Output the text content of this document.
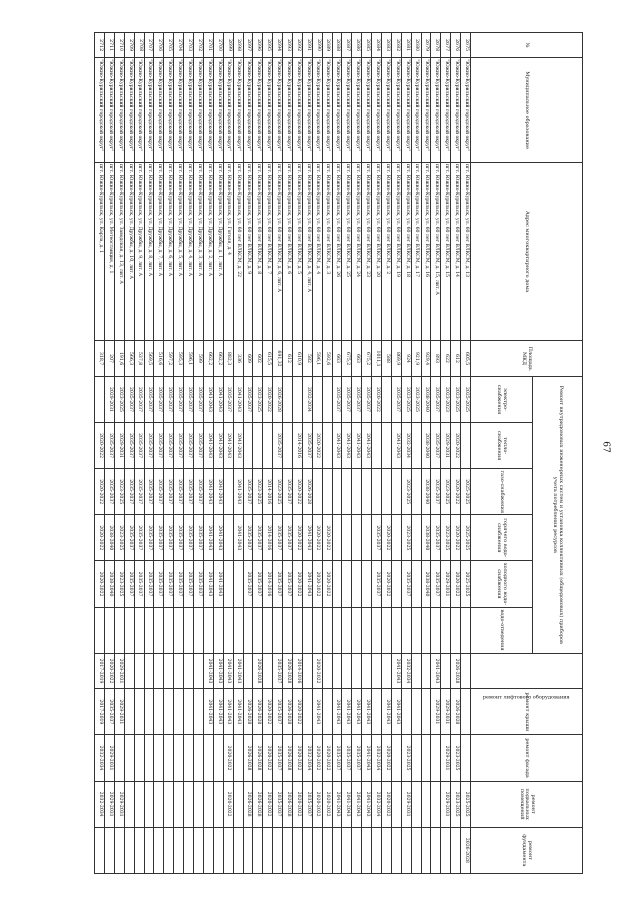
67
№	Муниципальное образование	Адрес многоквартирного дома	Площадь МКД	Ремонт внутридомовых инженерных систем и установка коллективных (общедомовых) приборов учета потребления ресурсов						ремонт лифтового оборудования	ремонт крыши	ремонт фасада	ремонт подвальных помещений	ремонт фундамента
				электро-снабжения	тепло-снабжения	газо-снабжения	горячего водо-снабжения	холодного водо-снабжения	водо-отведения					
2675	"Южно-Курильский городской округ"	пгт. Южно-Курильск, ул. 60 лет ВЛКСМ, д. 13	605,5	2025-2025		2025-2025	2025-2025	2025-2025					2025-2025	2026-2028
2676	"Южно-Курильский городской округ"	пгт. Южно-Курильск, ул. 60 лет ВЛКСМ, д. 14	612	2023-2025	2020-2022	2020-2022	2020-2022	2020-2022		2026-2028	2026-2028	2023-2025	2023-2025	
2677	"Южно-Курильский городской округ"	пгт. Южно-Курильск, ул. 60 лет ВЛКСМ, д. 15	622	2023-2023	2029-2031	2023-2025	2023-2025	2029-2031			2029-2031	2029-2031	2029-2031	
2678	"Южно-Курильский городской округ"	пгт. Южно-Курильск, ул. 60 лет ВЛКСМ, д. 15, лит. А	893	2035-2037	2035-2037	2035-2037	2035-2037	2035-2037		2041-2043	2029-2031			
2679	"Южно-Курильский городской округ"	пгт. Южно-Курильск, ул. 60 лет ВЛКСМ, д. 16	929,4	2038-2040	2038-2040	2038-2040	2038-2040	2038-2040						
2680	"Южно-Курильский городской округ"	пгт. Южно-Курильск, ул. 60 лет ВЛКСМ, д. 17	921,9	2023-2025										
2681	"Южно-Курильский городской округ"	пгт. Южно-Курильск, ул. 60 лет ВЛКСМ, д. 18	924	2023-2025	2032-2034	2023-2025	2023-2025	2035-2037		2032-2034		2023-2025	2029-2031	
2682	"Южно-Курильский городской округ"	пгт. Южно-Курильск, ул. 60 лет ВЛКСМ, д. 19	869,9	2035-2037	2041-2043					2041-2043	2041-2043			
2683	"Южно-Курильский городской округ"	пгт. Южно-Курильск, ул. 60 лет ВЛКСМ, д. 2	588				2020-2022	2020-2022			2041-2043	2020-2022	2020-2022	
2684	"Южно-Курильский городской округ"	пгт. Южно-Курильск, ул. 60 лет ВЛКСМ, д. 20	1011,1	2020-2022			2035-2037	2035-2037				2032-2034	2032-2034	
2685	"Южно-Курильский городской округ"	пгт. Южно-Курильск, ул. 60 лет ВЛКСМ, д. 23	675,2	2035-2037	2041-2043						2041-2043	2041-2043	2041-2043	
2686	"Южно-Курильский городской округ"	пгт. Южно-Курильск, ул. 60 лет ВЛКСМ, д. 24	663	2035-2037	2041-2043						2041-2043	2035-2037	2041-2043	
2687	"Южно-Курильский городской округ"	пгт. Южно-Курильск, ул. 60 лет ВЛКСМ, д. 25	675,2	2035-2037	2041-2043						2041-2043	2035-2037	2041-2043	
2688	"Южно-Курильский городской округ"	пгт. Южно-Курильск, ул. 60 лет ВЛКСМ, д. 26	663	2035-2037	2041-2043						2041-2043	2035-2037	2041-2043	
2689	"Южно-Курильский городской округ"	пгт. Южно-Курильск, ул. 60 лет ВЛКСМ, д. 3	592,6				2020-2022	2020-2022				2020-2022	2020-2022	
2690	"Южно-Курильский городской округ"	пгт. Южно-Курильск, ул. 60 лет ВЛКСМ, д. 4	596,1		2020-2022		2020-2022	2020-2022		2020-2022	2041-2043	2020-2022	2020-2022	
2691	"Южно-Курильский городской округ"	пгт. Южно-Курильск, ул. 60 лет ВЛКСМ, д. 4, лит. А	582	2032-2034	2035-2037	2026-2028	2041-2043	2041-2043				2032-2034	2035-2037	
2692	"Южно-Курильский городской округ"	пгт. Южно-Курильск, ул. 60 лет ВЛКСМ, д. 5	610,9		2014-2016	2020-2022	2020-2022	2020-2022		2014-2016	2020-2022	2020-2022	2020-2022	
2693	"Южно-Курильский городской округ"	пгт. Южно-Курильск, ул. 60 лет ВЛКСМ, д. 6	612			2035-2037	2035-2037	2035-2037		2026-2028	2026-2028	2026-2028	2026-2028	
2694	"Южно-Курильский городской округ"	пгт. Южно-Курильск, ул. 60 лет ВЛКСМ, д. 6, лит. А	691,32	2026-2028	2035-2037	2023-2025	2035-2037	2035-2037		2035-2037	2035-2037	2035-2037	2035-2037	
2695	"Южно-Курильский городской округ"	пгт. Южно-Курильск, ул. 60 лет ВЛКСМ, д. 7	615,5	2020-2022		2014-2016	2014-2016	2014-2016			2020-2022	2020-2022	2020-2022	
2696	"Южно-Курильский городской округ"	пгт. Южно-Курильск, ул. 60 лет ВЛКСМ, д. 8	602	2023-2025		2023-2025	2035-2037	2035-2037		2026-2028	2026-2028	2026-2028	2026-2028	
2697	"Южно-Курильский городской округ"	пгт. Южно-Курильск, ул. 60 лет ВЛКСМ, д. 9	609	2035-2037		2035-2037	2035-2037	2035-2037			2026-2028	2026-2028	2026-2028	
2698	"Южно-Курильский городской округ"	пгт. Южно-Курильск, ул. 60 лет ВЛКСМ, д. 22	336	2041-2043	2041-2043	2041-2043	2041-2043			2041-2043	2041-2043			
2699	"Южно-Курильский городской округ"	пгт. Южно-Курильск, ул. Гоголя, д. 4	882,3	2035-2037	2041-2043					2041-2043	2041-2043	2020-2022	2020-2022	
2700	"Южно-Курильский городской округ"	пгт. Южно-Курильск, ул. Дружбы, д. 1, лит. А	662,2	2041-2043	2041-2043	2041-2043	2041-2043	2041-2043		2041-2043	2041-2043			
2701	"Южно-Курильский городской округ"	пгт. Южно-Курильск, ул. Дружбы, д. 2, лит. А	662,2	2041-2043	2041-2043	2041-2043	2041-2043	2041-2043		2041-2043	2041-2043			
2702	"Южно-Курильский городской округ"	пгт. Южно-Курильск, ул. Дружбы, д. 3, лит. А	599	2035-2037	2035-2037	2035-2037	2035-2037	2035-2037						
2703	"Южно-Курильский городской округ"	пгт. Южно-Курильск, ул. Дружбы, д. 4, лит. А	596,1	2035-2037	2035-2037	2035-2037	2035-2037	2035-2037						
2704	"Южно-Курильский городской округ"	пгт. Южно-Курильск, ул. Дружбы, д. 5, лит. А	595,3	2035-2037	2035-2037	2035-2037	2035-2037	2035-2037						
2705	"Южно-Курильский городской округ"	пгт. Южно-Курильск, ул. Дружбы, д. 6, лит. А	597,2	2035-2037	2035-2037	2035-2037	2035-2037	2035-2037						
2706	"Южно-Курильский городской округ"	пгт. Южно-Курильск, ул. Дружбы, д. 7, лит. А	516,6	2035-2037	2035-2037	2035-2037	2035-2037	2035-2037						
2707	"Южно-Курильский городской округ"	пгт. Южно-Курильск, ул. Дружбы, д. 8, лит. А	569,5	2035-2037	2035-2037	2035-2037	2035-2037	2035-2037						
2708	"Южно-Курильский городской округ"	пгт. Южно-Курильск, ул. Дружбы, д. 9, лит. А	537,8	2035-2037	2035-2037	2035-2037	2035-2037	2035-2037						
2709	"Южно-Курильский городской округ"	пгт. Южно-Курильск, ул. Дружбы, д. 10, лит. А	566,3	2035-2037	2035-2037	2035-2037	2035-2037	2035-2037						
2710	"Южно-Курильский городской округ"	пгт. Южно-Курильск, ул. Заводская, д. 13, лит. А	191,6	2023-2025	2029-2031	2023-2025	2023-2025	2023-2025		2029-2031	2029-2031		2029-2031	
2711	"Южно-Курильский городской округ"	пгт. Южно-Курильск, ул. Метеостанция, д. 1	207	2029-2031	2035-2037	2035-2037	2038-2040	2038-2040		2020-2022	2035-2037	2029-2031	2029-2031	
2712	"Южно-Курильский городской округ"	пгт. Южно-Курильск, ул. Карла, д. 1	318,7		2020-2022	2020-2022	2020-2022	2020-2022		2017-2019	2017-2019	2032-2034	2032-2034	
